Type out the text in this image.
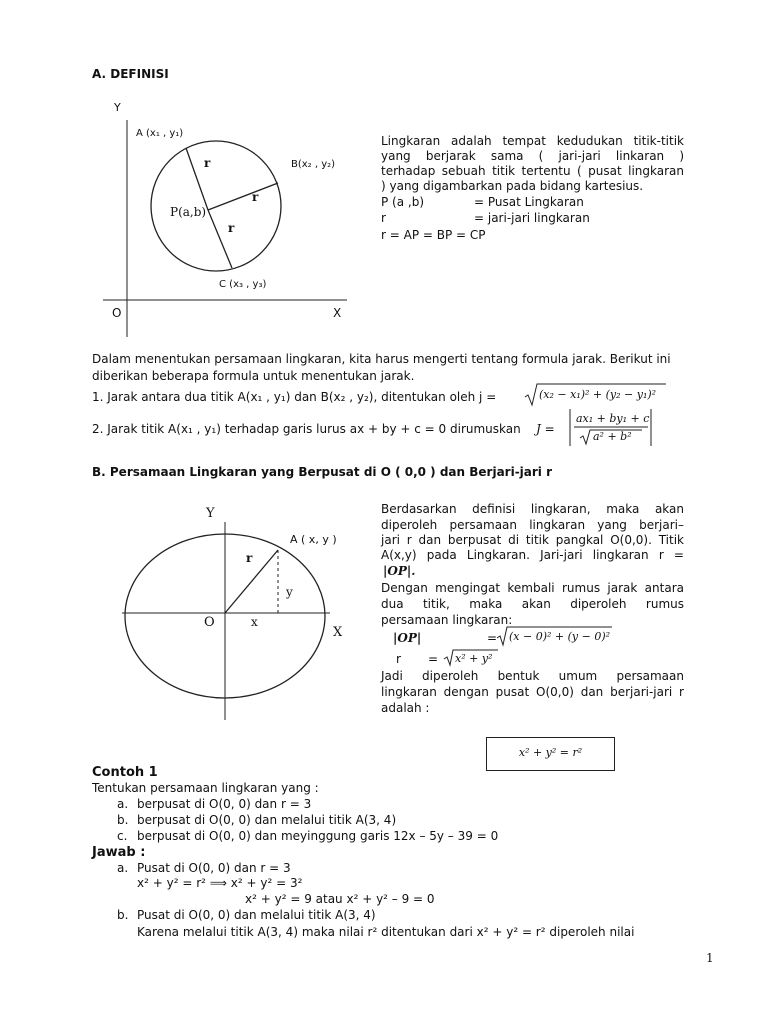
A. DEFINISI
Y
A (x₁ , y₁)
B(x₂ , y₂)
C (x₃ , y₃)
P(a,b)
r
r
r
O	X
Lingkaran adalah tempat kedudukan titik-titik
yang berjarak sama ( jari-jari linkaran )
terhadap sebuah titik tertentu ( pusat lingkaran
) yang digambarkan pada bidang kartesius.
P (a ,b)	= Pusat Lingkaran
r	= jari-jari lingkaran
r = AP = BP = CP
Dalam menentukan persamaan lingkaran, kita harus mengerti tentang formula jarak. Berikut ini
diberikan beberapa formula untuk menentukan jarak.
1. Jarak antara dua titik A(x₁ , y₁) dan B(x₂ , y₂), ditentukan oleh j =	(x₂ − x₁)² + (y₂ − y₁)²
2. Jarak titik A(x₁ , y₁) terhadap garis lurus ax + by + c = 0 dirumuskan J =
ax₁ + by₁ + c
a² + b²
B. Persamaan Lingkaran yang Berpusat di O ( 0,0 ) dan Berjari-jari r
Y
A ( x, y )
r
y
O	x
X
Berdasarkan definisi lingkaran, maka akan
diperoleh persamaan lingkaran yang berjari–
jari r dan berpusat di titik pangkal O(0,0). Titik
A(x,y) pada Lingkaran. Jari-jari lingkaran r =
|OP|.
Dengan mengingat kembali rumus jarak antara
dua titik, maka akan diperoleh rumus
persamaan lingkaran:
|OP|	= (x − 0)² + (y − 0)²
r = x² + y²
Jadi diperoleh bentuk umum persamaan
lingkaran dengan pusat O(0,0) dan berjari-jari r
adalah :
x² + y² = r²
Contoh 1
Tentukan persamaan lingkaran yang :
a. berpusat di O(0, 0) dan r = 3
b. berpusat di O(0, 0) dan melalui titik A(3, 4)
c. berpusat di O(0, 0) dan meyinggung garis 12x – 5y – 39 = 0
Jawab :
a. Pusat di O(0, 0) dan r = 3
x² + y² = r² ⟹ x² + y² = 3²
x² + y² = 9 atau x² + y² – 9 = 0
b. Pusat di O(0, 0) dan melalui titik A(3, 4)
Karena melalui titik A(3, 4) maka nilai r² ditentukan dari x² + y² = r² diperoleh nilai
1
